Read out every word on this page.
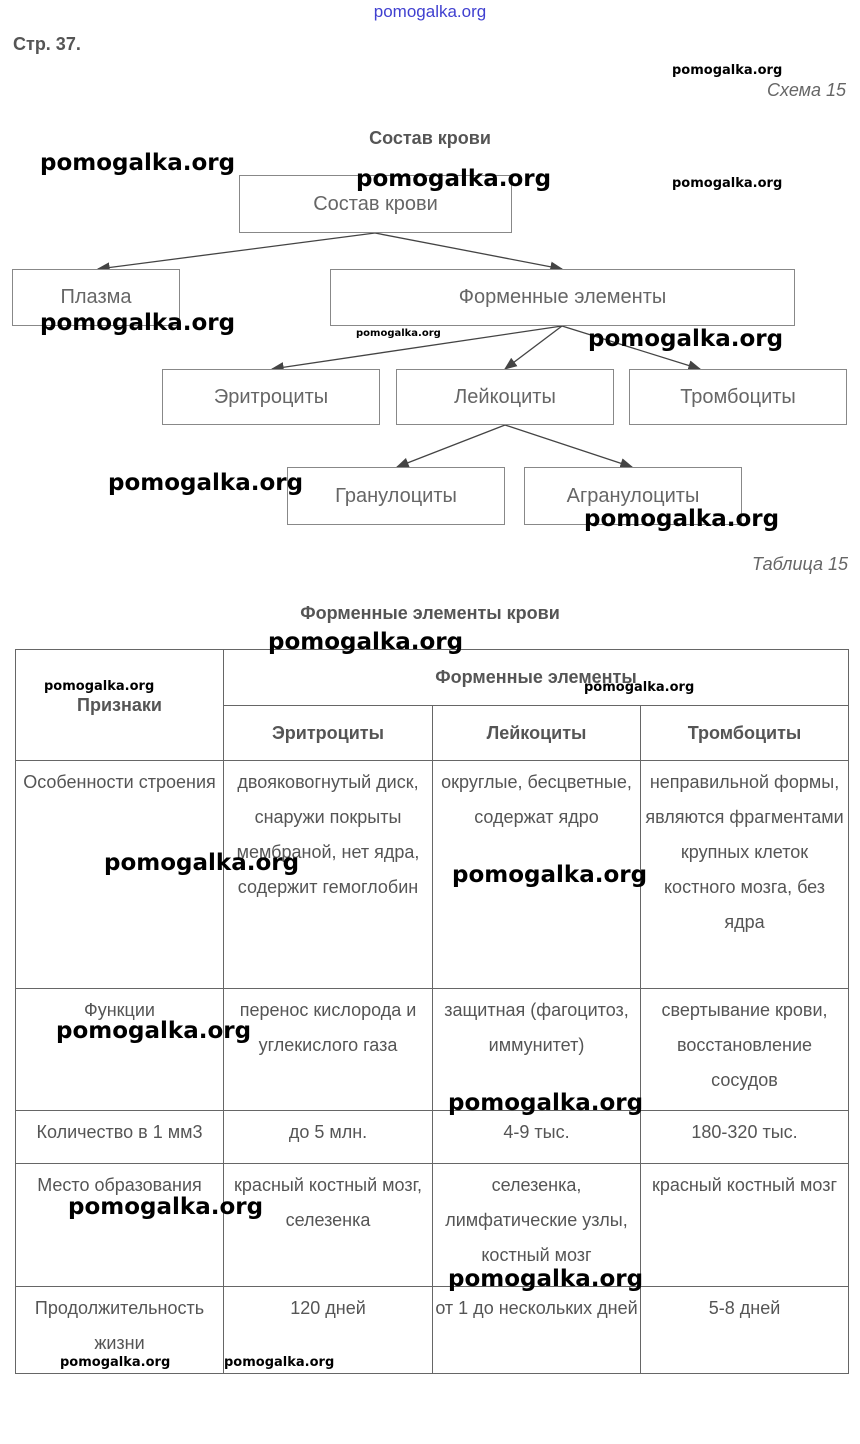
pomogalka.org
Стр. 37.
Схема 15
Состав крови
Состав крови
Плазма	Форменные элементы
Эритроциты	Лейкоциты	Тромбоциты
Гранулоциты	Агранулоциты
Таблица 15
Форменные элементы крови
Признаки	Форменные элементы		
	Эритроциты	Лейкоциты	Тромбоциты
Особенности строения	двояковогнутый диск, снаружи покрыты мембраной, нет ядра, содержит гемоглобин	округлые, бесцветные, содержат ядро	неправильной формы, являются фрагментами крупных клеток костного мозга, без ядра
Функции	перенос кислорода и углекислого газа	защитная (фагоцитоз, иммунитет)	свертывание крови, восстановление сосудов
Количество в 1 мм3	до 5 млн.	4-9 тыс.	180-320 тыс.
Место образования	красный костный мозг, селезенка	селезенка, лимфатические узлы, костный мозг	красный костный мозг
Продолжительность жизни	120 дней	от 1 до нескольких дней	5-8 дней
pomogalka.org
pomogalka.org
pomogalka.org	pomogalka.org
pomogalka.org	pomogalka.org	pomogalka.org
pomogalka.org
pomogalka.org
pomogalka.org
pomogalka.org	pomogalka.org
pomogalka.org	pomogalka.org
pomogalka.org
pomogalka.org
pomogalka.org
pomogalka.org
pomogalka.org	pomogalka.org
